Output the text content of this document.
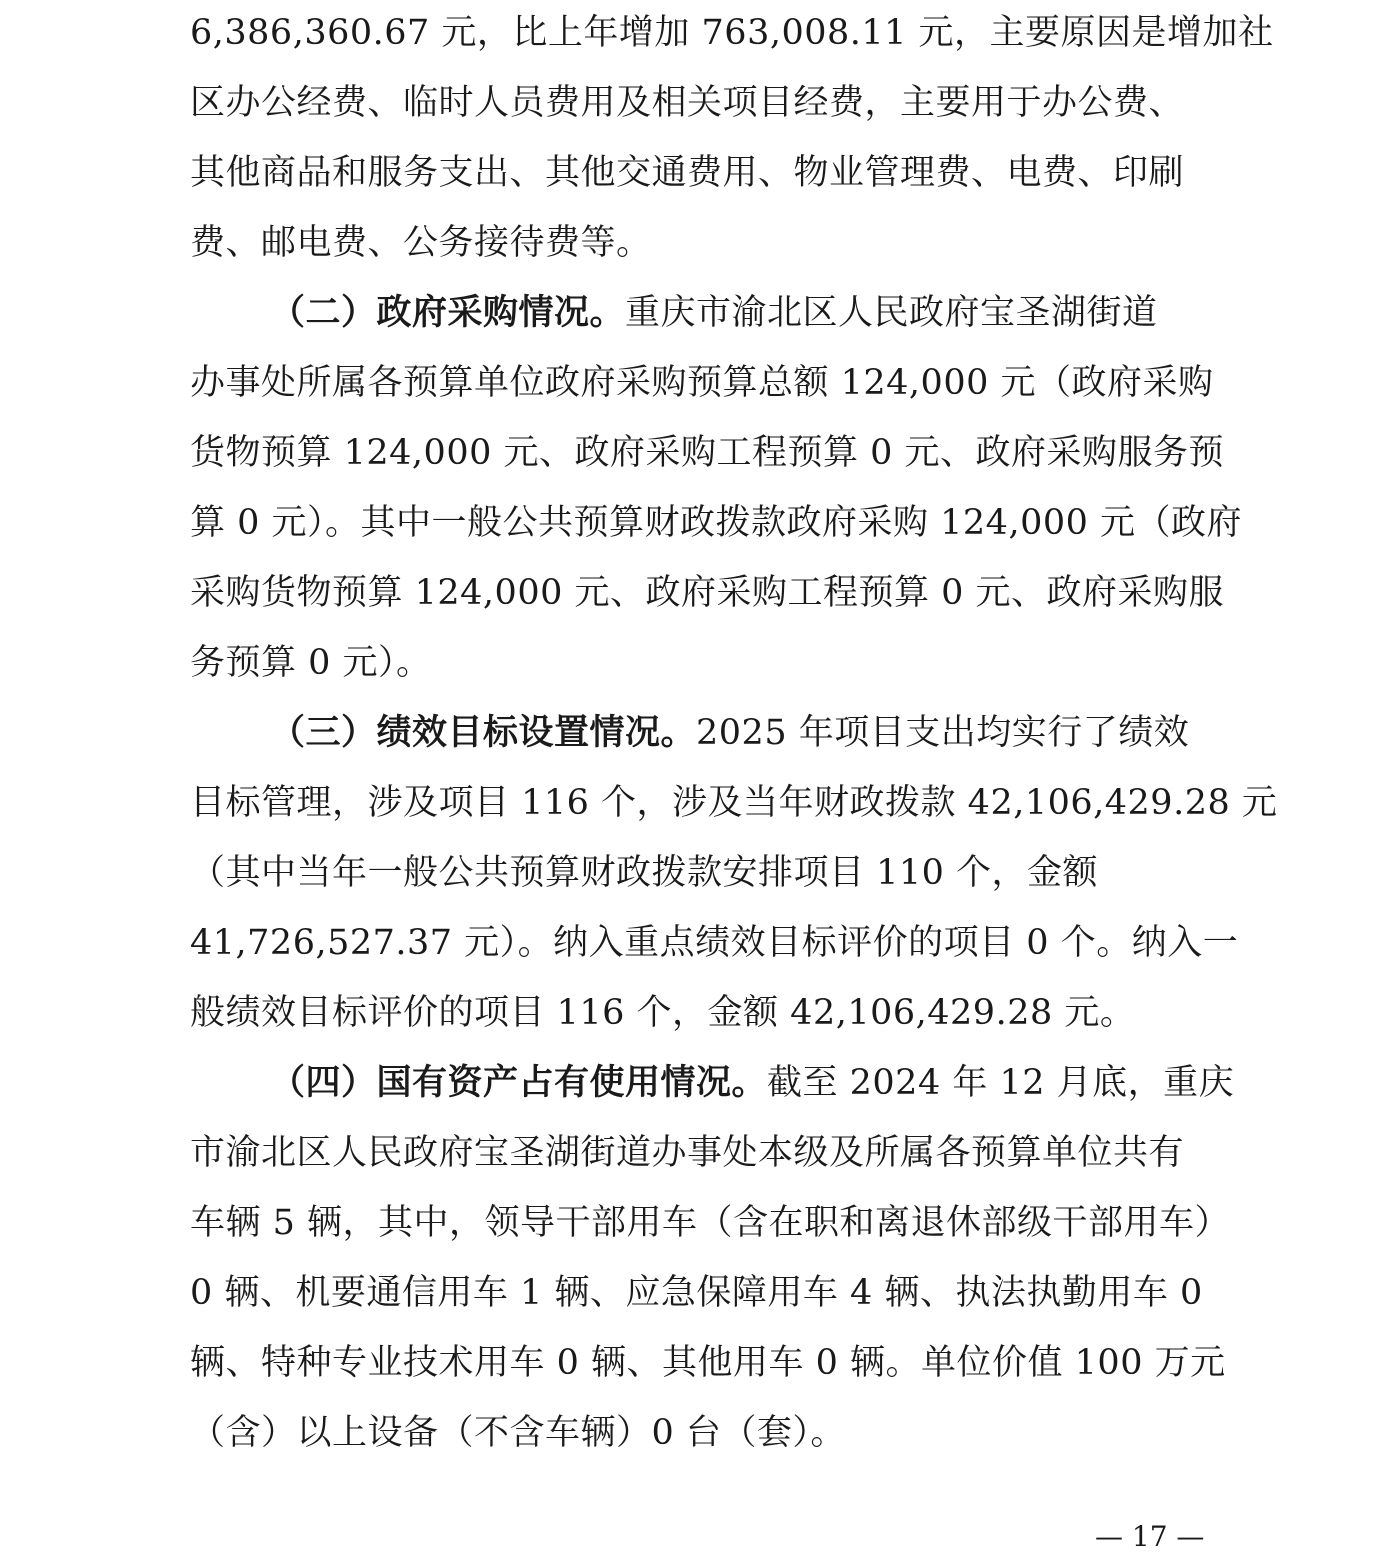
6,386,360.67 元，比上年增加 763,008.11 元，主要原因是增加社
区办公经费、临时人员费用及相关项目经费，主要用于办公费、
其他商品和服务支出、其他交通费用、物业管理费、电费、印刷
费、邮电费、公务接待费等。
（二）政府采购情况。重庆市渝北区人民政府宝圣湖街道
办事处所属各预算单位政府采购预算总额 124,000 元（政府采购
货物预算 124,000 元、政府采购工程预算 0 元、政府采购服务预
算 0 元）。其中一般公共预算财政拨款政府采购 124,000 元（政府
采购货物预算 124,000 元、政府采购工程预算 0 元、政府采购服
务预算 0 元）。
（三）绩效目标设置情况。2025 年项目支出均实行了绩效
目标管理，涉及项目 116 个，涉及当年财政拨款 42,106,429.28 元
（其中当年一般公共预算财政拨款安排项目 110 个，金额
41,726,527.37 元）。纳入重点绩效目标评价的项目 0 个。纳入一
般绩效目标评价的项目 116 个，金额 42,106,429.28 元。
（四）国有资产占有使用情况。截至 2024 年 12 月底，重庆
市渝北区人民政府宝圣湖街道办事处本级及所属各预算单位共有
车辆 5 辆，其中，领导干部用车（含在职和离退休部级干部用车）
0 辆、机要通信用车 1 辆、应急保障用车 4 辆、执法执勤用车 0
辆、特种专业技术用车 0 辆、其他用车 0 辆。单位价值 100 万元
（含）以上设备（不含车辆）0 台（套）。
— 17 —
